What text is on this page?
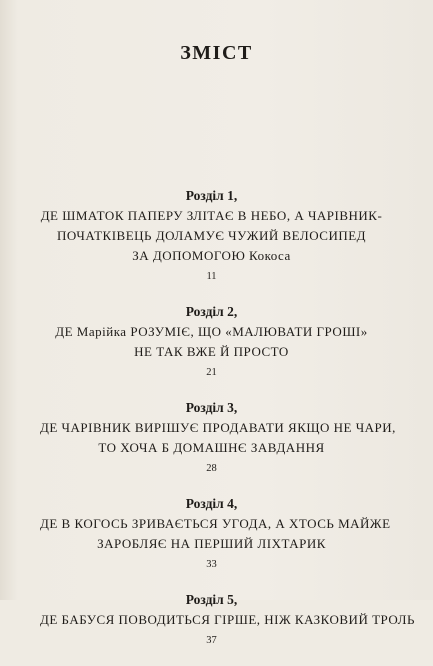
ЗМІСТ
Розділ 1,
ДЕ ШМАТОК ПАПЕРУ ЗЛІТАЄ В НЕБО, А ЧАРІВНИК-
ПОЧАТКІВЕЦЬ ДОЛАМУЄ ЧУЖИЙ ВЕЛОСИПЕД
ЗА ДОПОМОГОЮ Кокоса
11
Розділ 2,
ДЕ Марійка РОЗУМІЄ, ЩО «МАЛЮВАТИ ГРОШІ»
НЕ ТАК ВЖЕ Й ПРОСТО
21
Розділ 3,
ДЕ ЧАРІВНИК ВИРІШУЄ ПРОДАВАТИ ЯКЩО НЕ ЧАРИ,
ТО ХОЧА Б ДОМАШНЄ ЗАВДАННЯ
28
Розділ 4,
ДЕ В КОГОСЬ ЗРИВАЄТЬСЯ УГОДА, А ХТОСЬ МАЙЖЕ
ЗАРОБЛЯЄ НА ПЕРШИЙ ЛІХТАРИК
33
Розділ 5,
ДЕ БАБУСЯ ПОВОДИТЬСЯ ГІРШЕ, НІЖ КАЗКОВИЙ ТРОЛЬ
37
